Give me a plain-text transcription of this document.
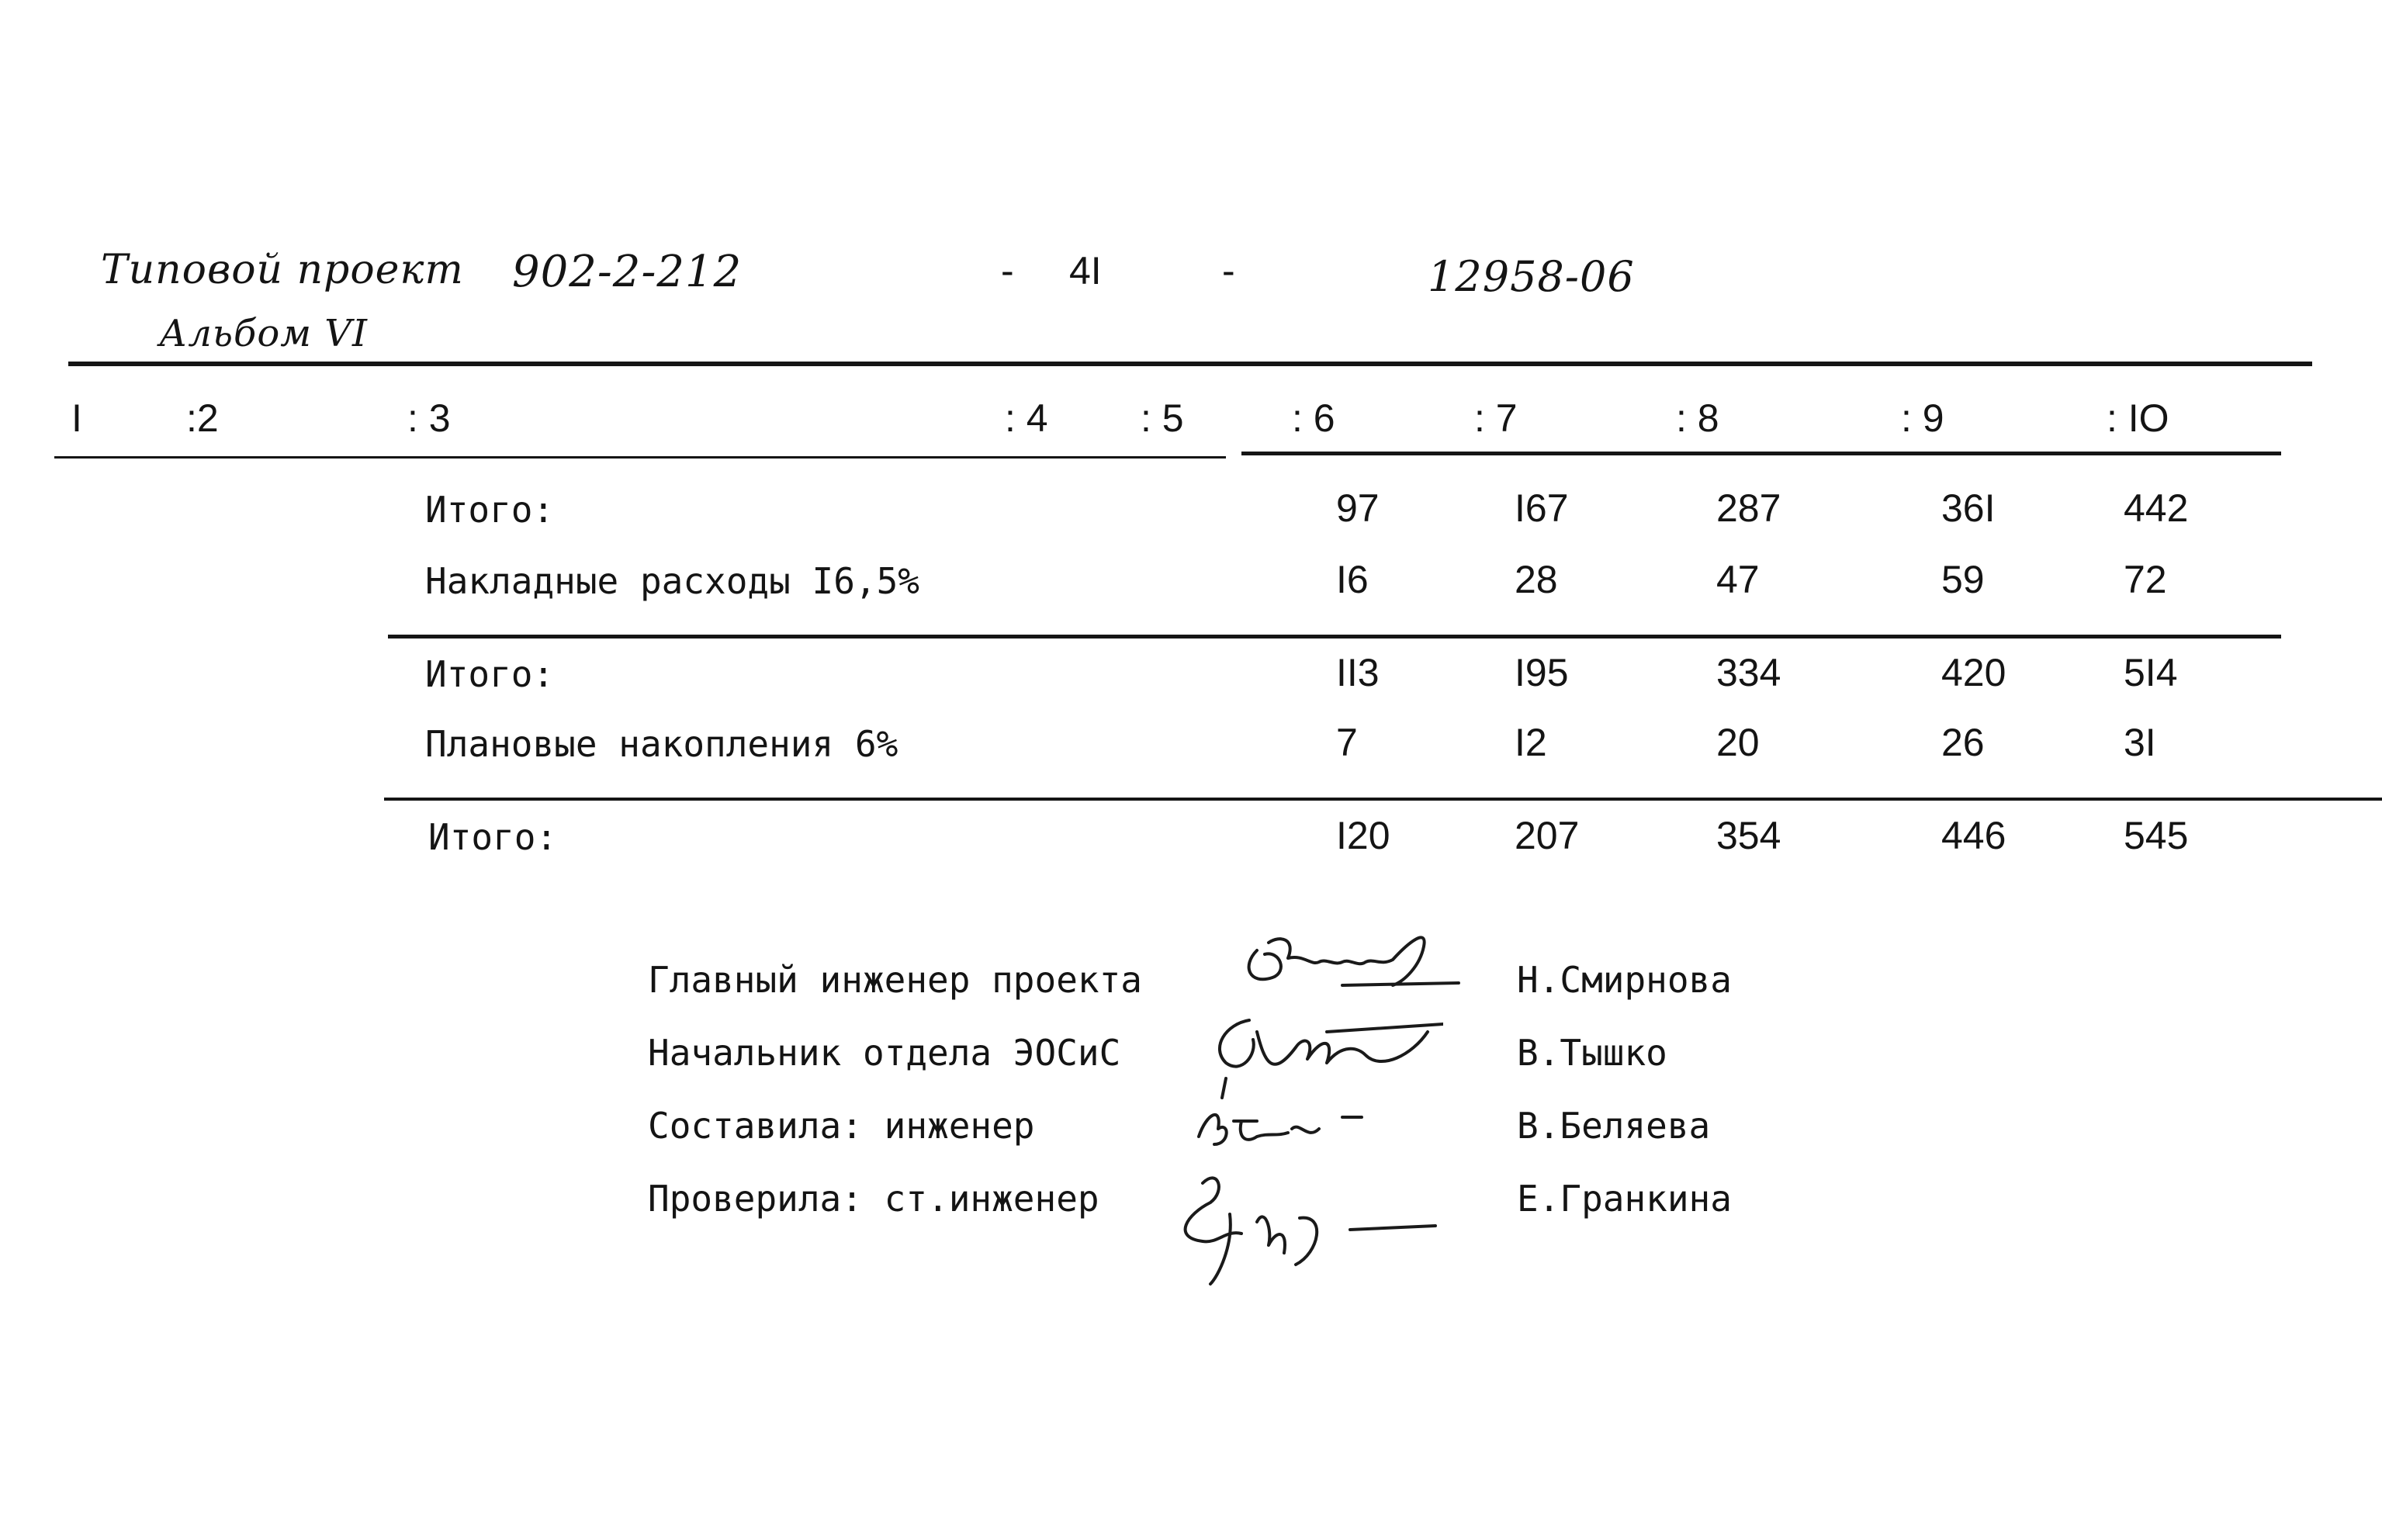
Типовой проект 902-2-212
Альбом VI
- 4I	-	12958-06
I	:2	: 3	: 4 : 5	: 6	: 7	: 8	: 9	: IO
Итого:	97	I67	287	36I	442
Накладные расходы I6,5%	I6	28	47	59	72
Итого:	II3	I95	334	420	5I4
Плановые накопления 6%	7	I2	20	26	3I
Итого:	I20	207	354	446	545
Главный инженер проекта	Н.Смирнова
Начальник отдела ЭОСиС	В.Тышко
Составила: инженер	В.Беляева
Проверила: ст.инженер	Е.Гранкина
